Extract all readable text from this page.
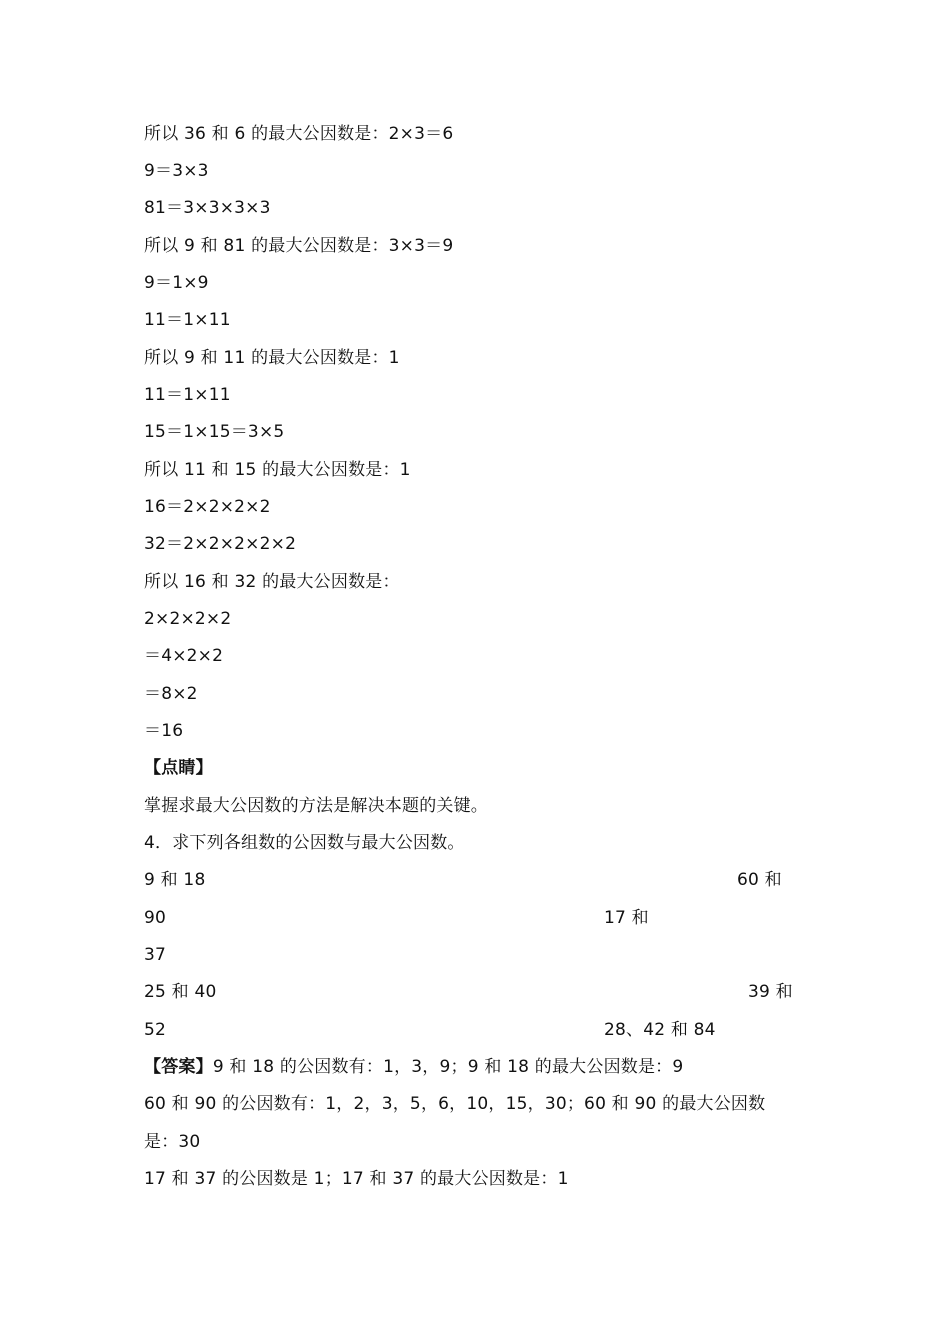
所以 36 和 6 的最大公因数是：2×3＝6
9＝3×3
81＝3×3×3×3
所以 9 和 81 的最大公因数是：3×3＝9
9＝1×9
11＝1×11
所以 9 和 11 的最大公因数是：1
11＝1×11
15＝1×15＝3×5
所以 11 和 15 的最大公因数是：1
16＝2×2×2×2
32＝2×2×2×2×2
所以 16 和 32 的最大公因数是：
2×2×2×2
＝4×2×2
＝8×2
＝16
【点睛】
掌握求最大公因数的方法是解决本题的关键。
4．求下列各组数的公因数与最大公因数。
9 和 18	60 和
90	17 和
37
25 和 40	39 和
52	28、42 和 84
【答案】9 和 18 的公因数有：1，3，9；9 和 18 的最大公因数是：9
60 和 90 的公因数有：1，2，3，5，6，10，15，30；60 和 90 的最大公因数
是：30
17 和 37 的公因数是 1；17 和 37 的最大公因数是：1
